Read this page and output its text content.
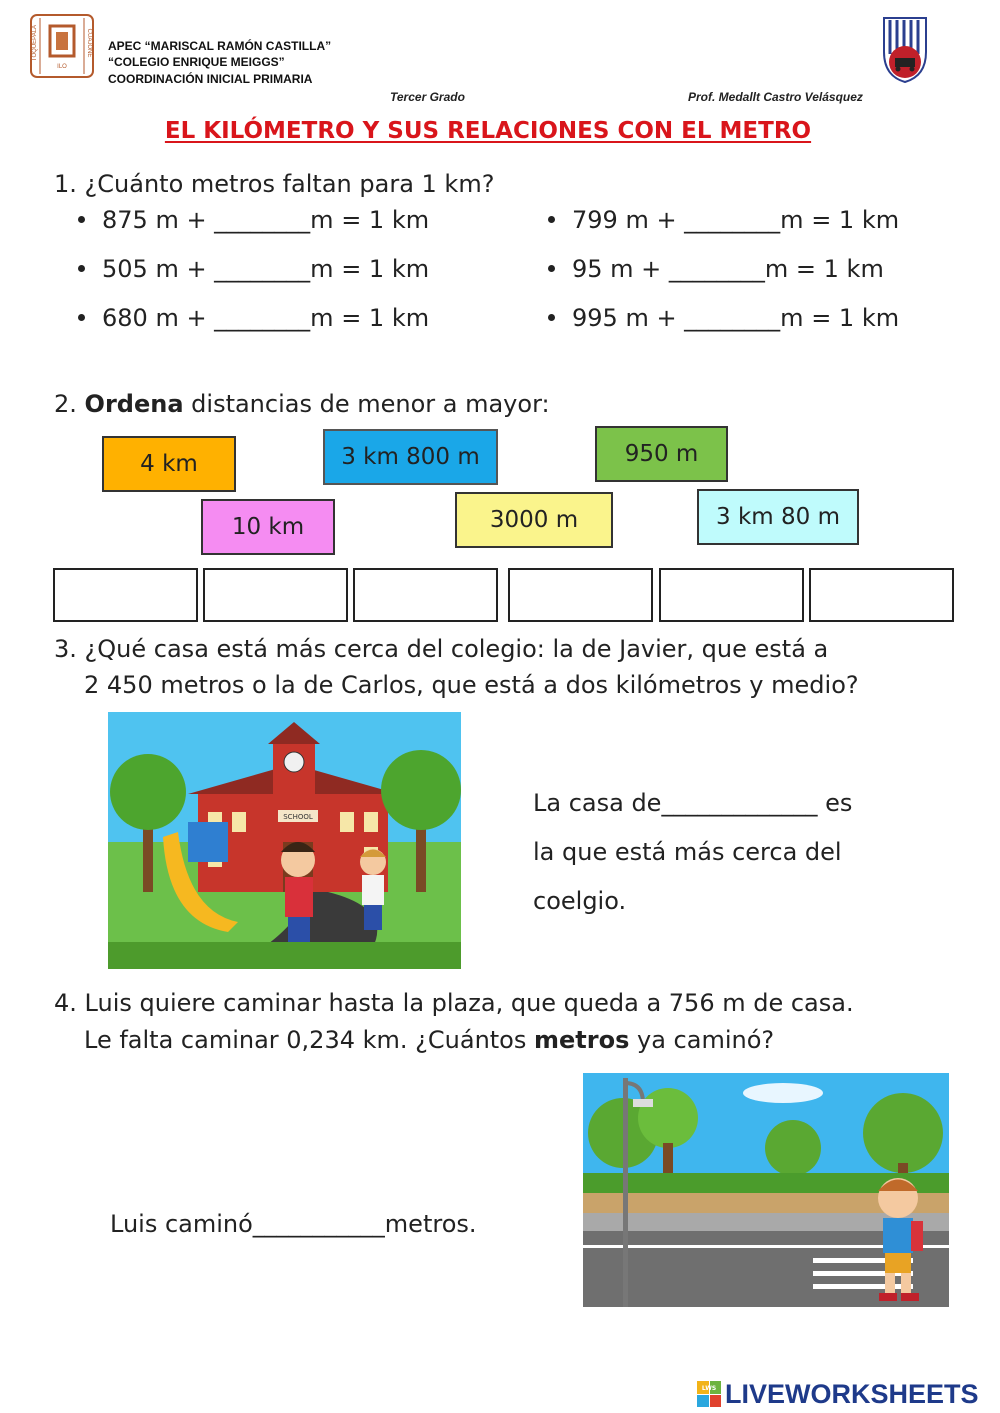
TOQUEPALA	CUAJONE
ILO
APEC “MARISCAL RAMÓN CASTILLA”
“COLEGIO ENRIQUE MEIGGS”
COORDINACIÓN INICIAL PRIMARIA
Tercer Grado	Prof. Medallt Castro Velásquez
EL KILÓMETRO Y SUS RELACIONES CON EL METRO
1. ¿Cuánto metros faltan para 1 km?
875 m + ________m = 1 km	799 m + ________m = 1 km
505 m + ________m = 1 km	95 m + ________m = 1 km
680 m + ________m = 1 km	995 m + ________m = 1 km
2. Ordena distancias de menor a mayor:
4 km	3 km 800 m	950 m
10 km	3000 m	3 km 80 m
3. ¿Qué casa está más cerca del colegio: la de Javier, que está a
2 450 metros o la de Carlos, que está a dos kilómetros y medio?
SCHOOL	La casa de_____________ es
la que está más cerca del
coelgio.
4. Luis quiere caminar hasta la plaza, que queda a 756 m de casa.
Le falta caminar 0,234 km. ¿Cuántos metros ya caminó?
Luis caminó___________metros.
LWS LIVEWORKSHEETS
